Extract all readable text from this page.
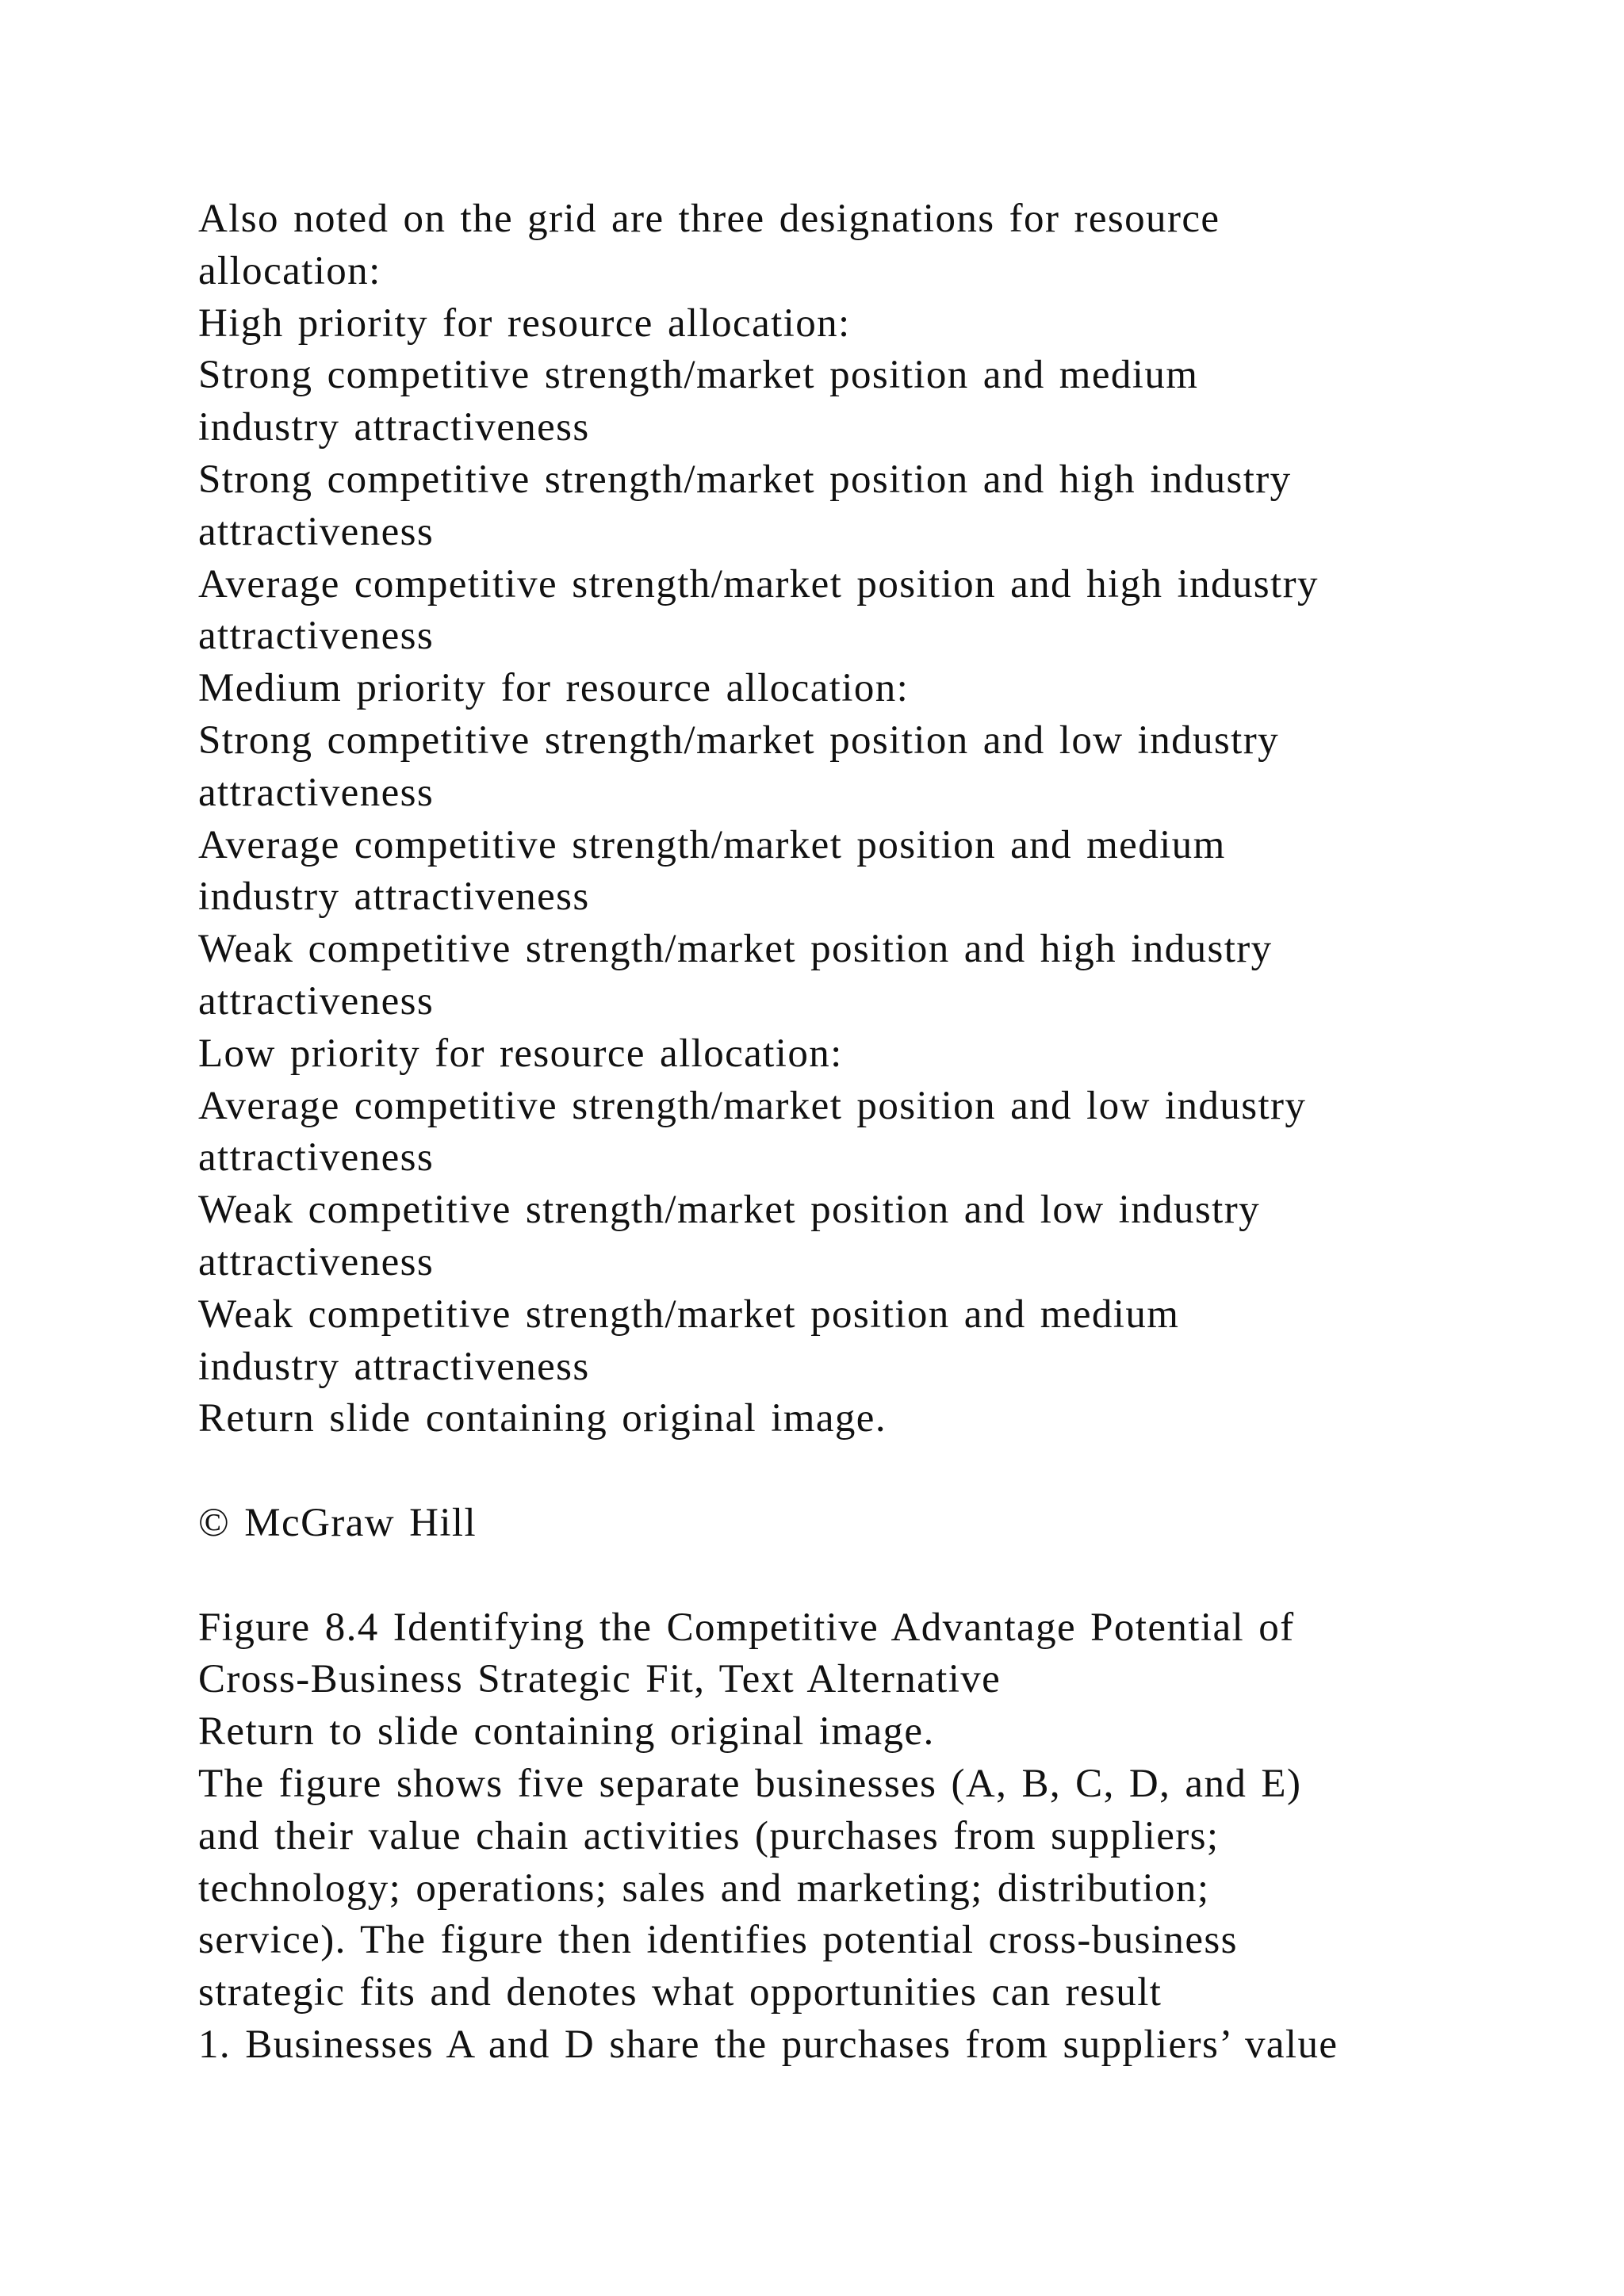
Also noted on the grid are three designations for resource
allocation:
High priority for resource allocation:
Strong competitive strength/market position and medium
industry attractiveness
Strong competitive strength/market position and high industry
attractiveness
Average competitive strength/market position and high industry
attractiveness
Medium priority for resource allocation:
Strong competitive strength/market position and low industry
attractiveness
Average competitive strength/market position and medium
industry attractiveness
Weak competitive strength/market position and high industry
attractiveness
Low priority for resource allocation:
Average competitive strength/market position and low industry
attractiveness
Weak competitive strength/market position and low industry
attractiveness
Weak competitive strength/market position and medium
industry attractiveness
Return slide containing original image.
© McGraw Hill
Figure 8.4 Identifying the Competitive Advantage Potential of
Cross-Business Strategic Fit, Text Alternative
Return to slide containing original image.
The figure shows five separate businesses (A, B, C, D, and E)
and their value chain activities (purchases from suppliers;
technology; operations; sales and marketing; distribution;
service). The figure then identifies potential cross-business
strategic fits and denotes what opportunities can result
1. Businesses A and D share the purchases from suppliers’ value
